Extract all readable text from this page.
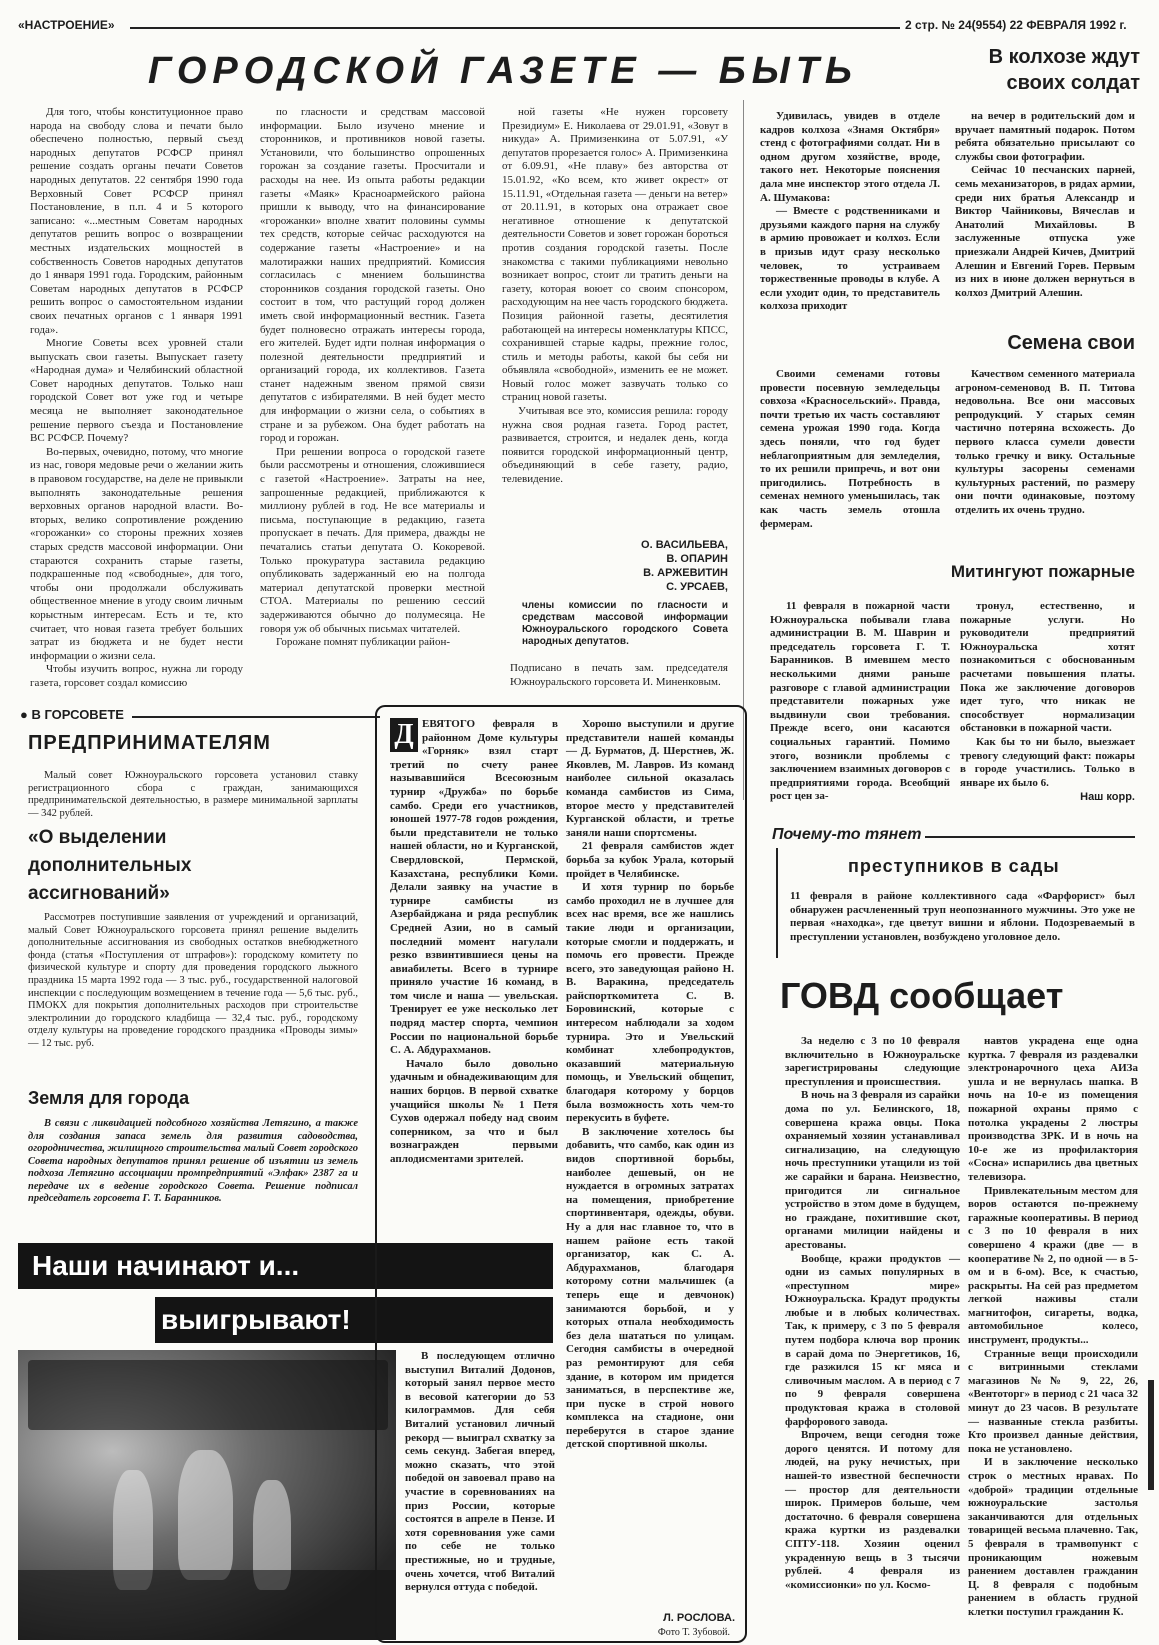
«НАСТРОЕНИЕ»	2 стр. № 24(9554) 22 ФЕВРАЛЯ 1992 г.
ГОРОДСКОЙ ГАЗЕТЕ — БЫТЬ

Для того, чтобы конституционное право народа на свободу слова и печати было обеспечено полностью, первый съезд народных депутатов РСФСР принял решение создать органы печати Советов народных депутатов. 22 сентября 1990 года Верховный Совет РСФСР принял Постановление, в п.п. 4 и 5 которого записано: «...местным Советам народных депутатов решить вопрос о возвращении местных издательских мощностей в собственность Советов народных депутатов до 1 января 1991 года. Городским, районным Советам народных депутатов в РСФСР решить вопрос о самостоятельном издании своих печатных органов с 1 января 1991 года».

Многие Советы всех уровней стали выпускать свои газеты. Выпускает газету «Народная дума» и Челябинский областной Совет народных депутатов. Только наш городской Совет вот уже год и четыре месяца не выполняет законодательное решение первого съезда и Постановление ВС РСФСР. Почему?

Во-первых, очевидно, потому, что многие из нас, говоря медовые речи о желании жить в правовом государстве, на деле не привыкли выполнять законодательные решения верховных органов народной власти. Во-вторых, велико сопротивление рождению «горожанки» со стороны прежних хозяев старых средств массовой информации. Они стараются сохранить старые газеты, подкрашенные под «свободные», для того, чтобы они продолжали обслуживать общественное мнение в угоду своим личным корыстным интересам. Есть и те, кто считает, что новая газета требует больших затрат из бюджета и не будет нести информации о жизни села.

Чтобы изучить вопрос, нужна ли городу газета, горсовет создал комиссию

по гласности и средствам массовой информации. Было изучено мнение и сторонников, и противников новой газеты. Установили, что большинство опрошенных горожан за создание газеты. Просчитали и расходы на нее. Из опыта работы редакции газеты «Маяк» Красноармейского района пришли к выводу, что на финансирование «горожанки» вполне хватит половины суммы тех средств, которые сейчас расходуются на содержание газеты «Настроение» и на малотиражки наших предприятий. Комиссия согласилась с мнением большинства сторонников создания городской газеты. Оно состоит в том, что растущий город должен иметь свой информационный вестник. Газета будет полновесно отражать интересы города, его жителей. Будет идти полная информация о полезной деятельности предприятий и организаций города, их коллективов. Газета станет надежным звеном прямой связи депутатов с избирателями. В ней будет место для информации о жизни села, о событиях в стране и за рубежом. Она будет работать на город и горожан.

При решении вопроса о городской газете были рассмотрены и отношения, сложившиеся с газетой «Настроение». Затраты на нее, запрошенные редакцией, приближаются к миллиону рублей в год. Не все материалы и письма, поступающие в редакцию, газета пропускает в печать. Для примера, дважды не печатались статьи депутата О. Кокоревой. Только прокуратура заставила редакцию опубликовать задержанный ею на полгода материал депутатской проверки местной СТОА. Материалы по решению сессий задерживаются обычно до полумесяца. Не говоря уж об обычных письмах читателей.

Горожане помнят публикации район-

ной газеты «Не нужен горсовету Президиум» Е. Николаева от 29.01.91, «Зовут в никуда» А. Примизенкина от 5.07.91, «У депутатов прорезается голос» А. Примизенкина от 6.09.91, «Не плаву» без авторства от 15.01.92, «Ко всем, кто живет окрест» от 15.11.91, «Отдельная газета — деньги на ветер» от 20.11.91, в которых она отражает свое негативное отношение к депутатской деятельности Советов и зовет горожан бороться против создания городской газеты. После знакомства с такими публикациями невольно возникает вопрос, стоит ли тратить деньги на газету, которая воюет со своим спонсором, расходующим на нее часть городского бюджета. Позиция районной газеты, десятилетия работающей на интересы номенклатуры КПСС, сохранившей старые кадры, прежние голос, стиль и методы работы, какой бы себя ни объявляла «свободной», изменить ее не может. Новый голос может зазвучать только со страниц новой газеты.

Учитывая все это, комиссия решила: городу нужна своя родная газета. Город растет, развивается, строится, и недалек день, когда появится городской информационный центр, объединяющий в себе газету, радио, телевидение.

О. ВАСИЛЬЕВА,
В. ОПАРИН
В. АРЖЕВИТИН
С. УРСАЕВ,
члены комиссии по гласности и средствам массовой информации Южноуральского городского Совета народных депутатов.
Подписано в печать зам. председателя Южноуральского горсовета И. Миненковым.
В колхозе ждут своих солдат

Удивилась, увидев в отделе кадров колхоза «Знамя Октября» стенд с фотографиями солдат. Ни в одном другом хозяйстве, вроде, такого нет. Некоторые пояснения дала мне инспектор этого отдела Л. А. Шумакова:

— Вместе с родственниками и друзьями каждого парня на службу в армию провожает и колхоз. Если в призыв идут сразу несколько человек, то устраиваем торжественные проводы в клубе. А если уходит один, то представитель колхоза приходит

на вечер в родительский дом и вручает памятный подарок. Потом ребята обязательно присылают со службы свои фотографии.

Сейчас 10 песчанских парней, семь механизаторов, в рядах армии, среди них братья Александр и Виктор Чайниковы, Вячеслав и Анатолий Михайловы. В заслуженные отпуска уже приезжали Андрей Кичев, Дмитрий Алешин и Евгений Горев. Первым из них в июне должен вернуться в колхоз Дмитрий Алешин.

Семена свои

Своими семенами готовы провести посевную земледельцы совхоза «Красносельский». Правда, почти третью их часть составляют семена урожая 1990 года. Когда здесь поняли, что год будет неблагоприятным для земледелия, то их решили припречь, и вот они пригодились. Потребность в семенах немного уменьшилась, так как часть земель отошла фермерам.

Качеством семенного материала агроном-семеновод В. П. Титова недовольна. Все они массовых репродукций. У старых семян частично потеряна всхожесть. До первого класса сумели довести только гречку и вику. Остальные культуры засорены семенами культурных растений, по размеру они почти одинаковые, поэтому отделить их очень трудно.

Митингуют пожарные

11 февраля в пожарной части Южноуральска побывали глава администрации В. М. Шаврин и председатель горсовета Г. Т. Баранников. В имевшем место несколькими днями раньше разговоре с главой администрации представители пожарных уже выдвинули свои требования. Прежде всего, они касаются социальных гарантий. Помимо этого, возникли проблемы с заключением взаимных договоров с предприятиями города. Всеобщий рост цен за-

тронул, естественно, и пожарные услуги. Но руководители предприятий Южноуральска хотят познакомиться с обоснованным расчетами повышения платы. Пока же заключение договоров идет туго, что никак не способствует нормализации обстановки в пожарной части.

Как бы то ни было, выезжает тревогу следующий факт: пожары в городе участились. Только в январе их было 6.

Наш корр.
Почему-то тянет
преступников в сады
11 февраля в районе коллективного сада «Фарфорист» был обнаружен расчлененный труп неопознанного мужчины. Это уже не первая «находка», где цветут вишни и яблони. Подозреваемый в преступлении установлен, возбуждено уголовное дело.
ГОВД сообщает

За неделю с 3 по 10 февраля включительно в Южноуральске зарегистрированы следующие преступления и происшествия.

В ночь на 3 февраля из сарайки дома по ул. Белинского, 18, совершена кража овцы. Пока охраняемый хозяин устанавливал сигнализацию, на следующую ночь преступники утащили из той же сарайки и барана. Неизвестно, пригодится ли сигнальное устройство в этом доме в будущем, но граждане, похитившие скот, органами милиции найдены и арестованы.

Вообще, кражи продуктов — одни из самых популярных в «преступном мире» Южноуральска. Крадут продукты любые и в любых количествах. Так, к примеру, с 3 по 5 февраля путем подбора ключа вор проник в сарай дома по Энергетиков, 16, где разжился 15 кг мяса и сливочным маслом. А в период с 7 по 9 февраля совершена продуктовая кража в столовой фарфорового завода.

Впрочем, вещи сегодня тоже дорого ценятся. И потому для людей, на руку нечистых, при нашей-то известной беспечности — простор для деятельности широк. Примеров больше, чем достаточно. 6 февраля совершена кража куртки из раздевалки СПТУ-118. Хозяин оценил украденную вещь в 3 тысячи рублей. 4 февраля из «комиссионки» по ул. Космо-

навтов украдена еще одна куртка. 7 февраля из раздевалки электронарочного цеха АИЗа ушла и не вернулась шапка. В ночь на 10-е из помещения пожарной охраны прямо с потолка украдены 2 люстры производства ЗРК. И в ночь на 10-е же из профилактория «Сосна» испарились два цветных телевизора.

Привлекательным местом для воров остаются по-прежнему гаражные кооперативы. В период с 3 по 10 февраля в них совершено 4 кражи (две — в кооперативе № 2, по одной — в 5-ом и в 6-ом). Все, к счастью, раскрыты. На сей раз предметом легкой наживы стали магнитофон, сигареты, водка, автомобильное колесо, инструмент, продукты...

Странные вещи происходили с витринными стеклами магазинов №№ 9, 22, 26, «Вентоторг» в период с 21 часа 32 минут до 23 часов. В результате — названные стекла разбиты. Кто произвел данные действия, пока не установлено.

И в заключение несколько строк о местных нравах. По «доброй» традиции отдельные южноуральские застолья заканчиваются для отдельных товарищей весьма плачевно. Так, 5 февраля в трамвопункт с проникающим ножевым ранением доставлен гражданин Ц. 8 февраля с подобным ранением в область грудной клетки поступил гражданин К.

● В ГОРСОВЕТЕ
ПРЕДПРИНИМАТЕЛЯМ
Малый совет Южноуральского горсовета установил ставку регистрационного сбора с граждан, занимающихся предпринимательской деятельностью, в размере минимальной зарплаты — 342 рублей.
«О выделении дополнительных ассигнований»
Рассмотрев поступившие заявления от учреждений и организаций, малый Совет Южноуральского горсовета принял решение выделить дополнительные ассигнования из свободных остатков внебюджетного фонда (статья «Поступления от штрафов»): городскому комитету по физической культуре и спорту для проведения городского лыжного праздника 15 марта 1992 года — 3 тыс. руб., государственной налоговой инспекции с последующим возмещением в течение года — 5,6 тыс. руб., ПМОКХ для покрытия дополнительных расходов при строительстве электролинии до городского кладбища — 32,4 тыс. руб., городскому отделу культуры на проведение городского праздника «Проводы зимы» — 12 тыс. руб.
Земля для города
В связи с ликвидацией подсобного хозяйства Летягино, а также для создания запаса земель для развития садоводства, огородничества, жилищного строительства малый Совет городского Совета народных депутатов принял решение об изъятии из земель подхоза Летягино ассоциации промпредприятий «Элфак» 2387 га и передаче их в ведение городского Совета. Решение подписал председатель горсовета Г. Т. Баранников.
Наши начинают и...
выигрывают!

В последующем отлично выступил Виталий Додонов, который занял первое место в весовой категории до 53 килограммов. Для себя Виталий установил личный рекорд — выиграл схватку за семь секунд. Забегая вперед, можно сказать, что этой победой он завоевал право на участие в соревнованиях на приз России, которые состоятся в апреле в Пензе. И хотя соревнования уже сами по себе не только престижные, но и трудные, очень хочется, чтоб Виталий вернулся оттуда с победой.

Д ЕВЯТОГО февраля в районном Доме культуры «Горняк» взял старт третий по счету ранее называвшийся Всесоюзным турнир «Дружба» по борьбе самбо. Среди его участников, юношей 1977-78 годов рождения, были представители не только нашей области, но и Курганской, Свердловской, Пермской, Казахстана, республики Коми. Делали заявку на участие в турнире самбисты из Азербайджана и ряда республик Средней Азии, но в самый последний момент нагулали резко взвинтившиеся цены на авиабилеты. Всего в турнире приняло участие 16 команд, в том числе и наша — увельская. Тренирует ее уже несколько лет подряд мастер спорта, чемпион России по национальной борьбе С. А. Абдурахманов.

Начало было довольно удачным и обнадеживающим для наших борцов. В первой схватке учащийся школы № 1 Петя Сухов одержал победу над своим соперником, за что и был вознагражден первыми аплодисментами зрителей.

Хорошо выступили и другие представители нашей команды — Д. Бурматов, Д. Шерстнев, Ж. Яковлев, М. Лавров. Из команд наиболее сильной оказалась команда самбистов из Сима, второе место у представителей Курганской области, и третье заняли наши спортсмены.

21 февраля самбистов ждет борьба за кубок Урала, который пройдет в Челябинске.

И хотя турнир по борьбе самбо проходил не в лучшее для всех нас время, все же нашлись такие люди и организации, которые смогли и поддержать, и помочь его провести. Прежде всего, это заведующая районо Н. В. Варакина, председатель райспорткомитета С. В. Боровинский, которые с интересом наблюдали за ходом турнира. Это и Увельский комбинат хлебопродуктов, оказавший материальную помощь, и Увельский общепит, благодаря которому у борцов была возможность хоть чем-то перекусить в буфете.

В заключение хотелось бы добавить, что самбо, как один из видов спортивной борьбы, наиболее дешевый, он не нуждается в огромных затратах на помещения, приобретение спортинвентаря, одежды, обуви. Ну а для нас главное то, что в нашем районе есть такой организатор, как С. А. Абдурахманов, благодаря которому сотни мальчишек (а теперь еще и девчонок) занимаются борьбой, и у которых отпала необходимость без дела шататься по улицам. Сегодня самбисты в очередной раз ремонтируют для себя здание, в котором им придется заниматься, в перспективе же, при пуске в строй нового комплекса на стадионе, они переберутся в старое здание детской спортивной школы.

Л. РОСЛОВА.
Фото Т. Зубовой.
